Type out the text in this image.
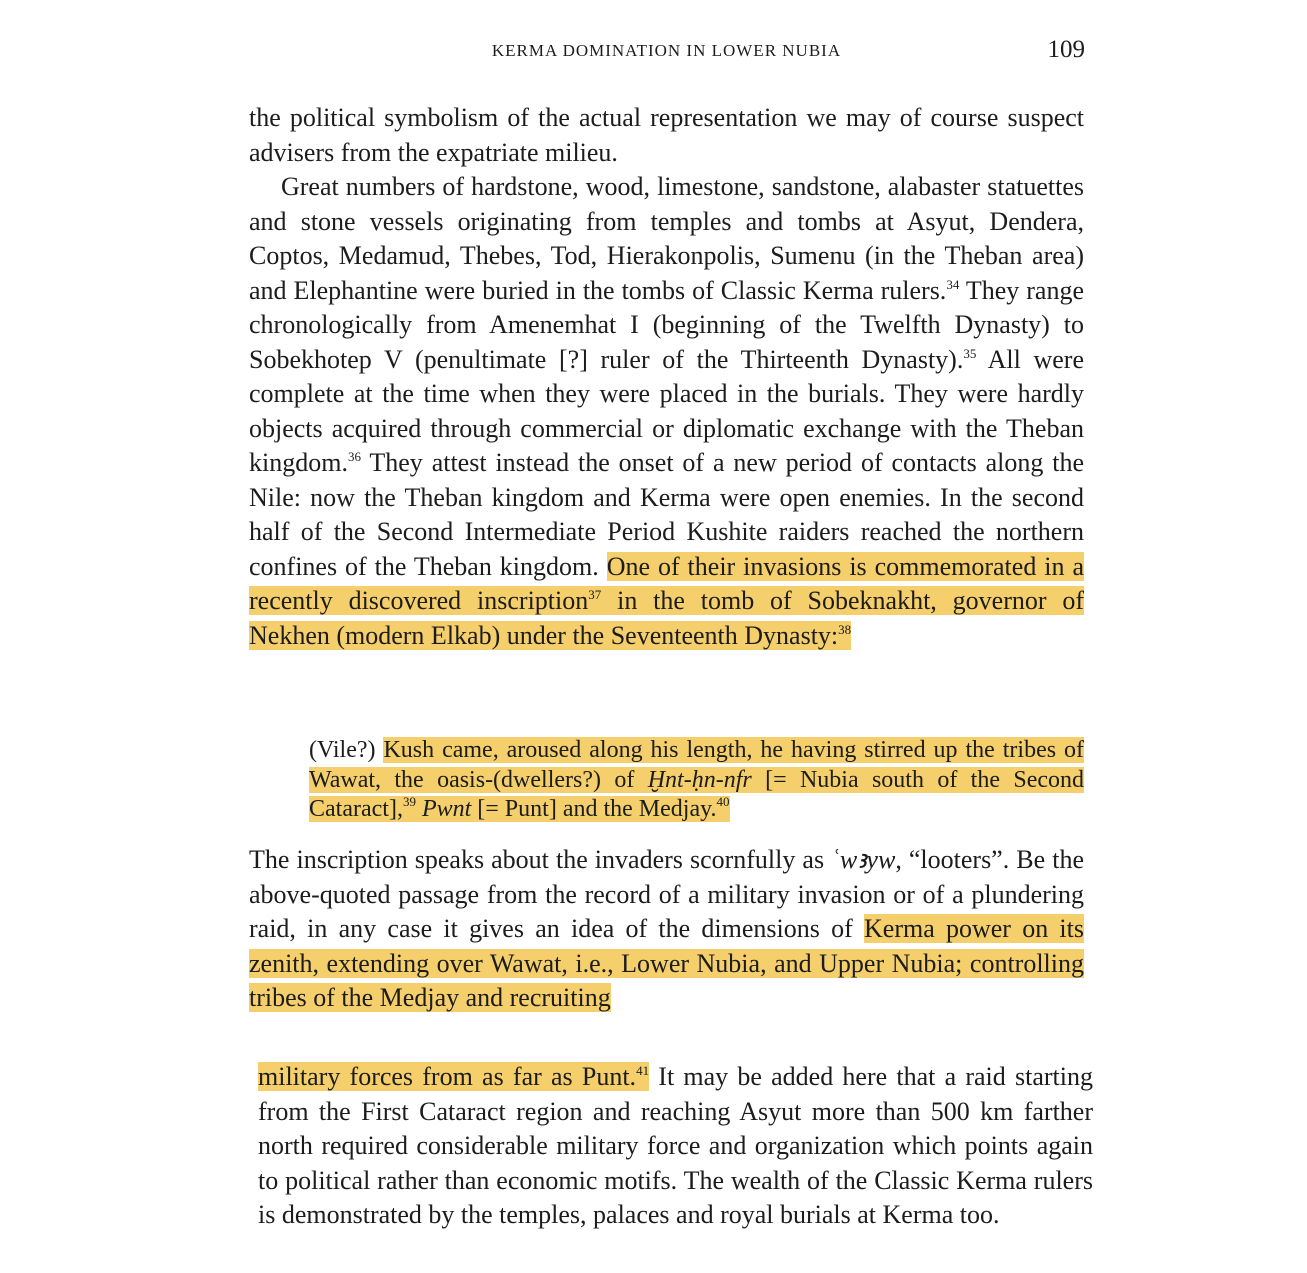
KERMA DOMINATION IN LOWER NUBIA	109

the political symbolism of the actual representation we may of course suspect advisers from the expatriate milieu.

Great numbers of hardstone, wood, limestone, sandstone, alabaster statuettes and stone vessels originating from temples and tombs at Asyut, Dendera, Coptos, Medamud, Thebes, Tod, Hierakonpolis, Sumenu (in the Theban area) and Elephantine were buried in the tombs of Classic Kerma rulers.$^{34}$ They range chronologically from Amenemhat I (beginning of the Twelfth Dynasty) to Sobekhotep V (penultimate [?] ruler of the Thirteenth Dynasty).$^{35}$ All were complete at the time when they were placed in the burials. They were hardly objects acquired through commercial or diplomatic exchange with the Theban kingdom.$^{36}$ They attest instead the onset of a new period of contacts along the Nile: now the Theban kingdom and Kerma were open enemies. In the second half of the Second Intermediate Period Kushite raiders reached the northern confines of the Theban kingdom. One of their invasions is commemorated in a recently discovered inscription$^{37}$ in the tomb of Sobeknakht, governor of Nekhen (modern Elkab) under the Seventeenth Dynasty:$^{38}$

(Vile?) Kush came, aroused along his length, he having stirred up the tribes of Wawat, the oasis-(dwellers?) of Ḫnt-ḥn-nfr [= Nubia south of the Second Cataract],$^{39}$ Pwnt [= Punt] and the Medjay.$^{40}$

The inscription speaks about the invaders scornfully as ʿwꜣyw, “looters”. Be the above-quoted passage from the record of a military invasion or of a plundering raid, in any case it gives an idea of the dimensions of Kerma power on its zenith, extending over Wawat, i.e., Lower Nubia, and Upper Nubia; controlling tribes of the Medjay and recruiting

military forces from as far as Punt.$^{41}$ It may be added here that a raid starting from the First Cataract region and reaching Asyut more than 500 km farther north required considerable military force and organization which points again to political rather than economic motifs. The wealth of the Classic Kerma rulers is demonstrated by the temples, palaces and royal burials at Kerma too.
